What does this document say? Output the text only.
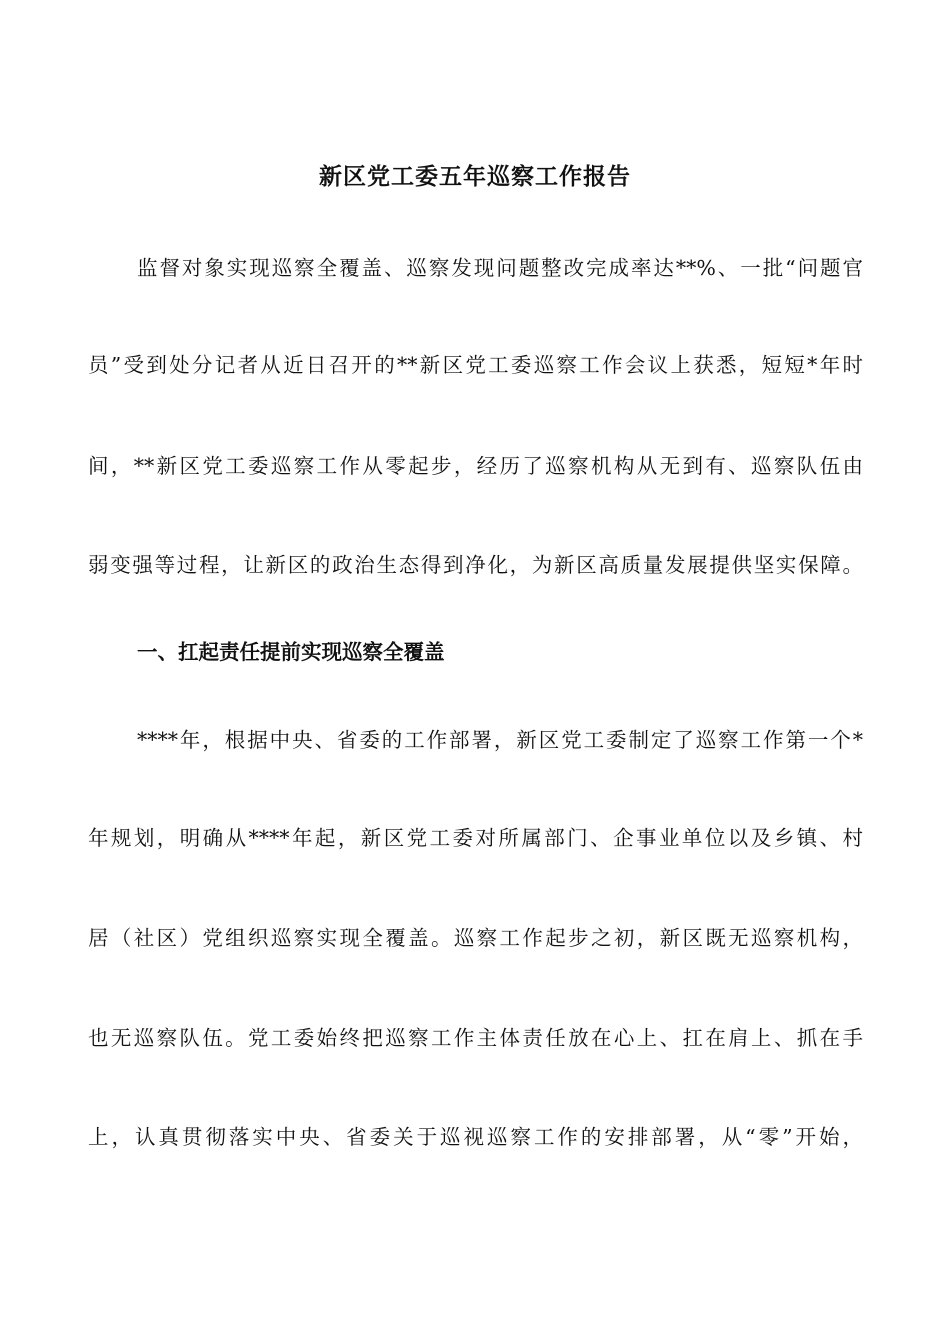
新区党工委五年巡察工作报告
监督对象实现巡察全覆盖、巡察发现问题整改完成率达**%、一批“问题官
员”受到处分记者从近日召开的**新区党工委巡察工作会议上获悉，短短*年时
间，**新区党工委巡察工作从零起步，经历了巡察机构从无到有、巡察队伍由
弱变强等过程，让新区的政治生态得到净化，为新区高质量发展提供坚实保障。
一、扛起责任提前实现巡察全覆盖
****年，根据中央、省委的工作部署，新区党工委制定了巡察工作第一个*
年规划，明确从****年起，新区党工委对所属部门、企事业单位以及乡镇、村
居（社区）党组织巡察实现全覆盖。巡察工作起步之初，新区既无巡察机构，
也无巡察队伍。党工委始终把巡察工作主体责任放在心上、扛在肩上、抓在手
上，认真贯彻落实中央、省委关于巡视巡察工作的安排部署，从“零”开始，
